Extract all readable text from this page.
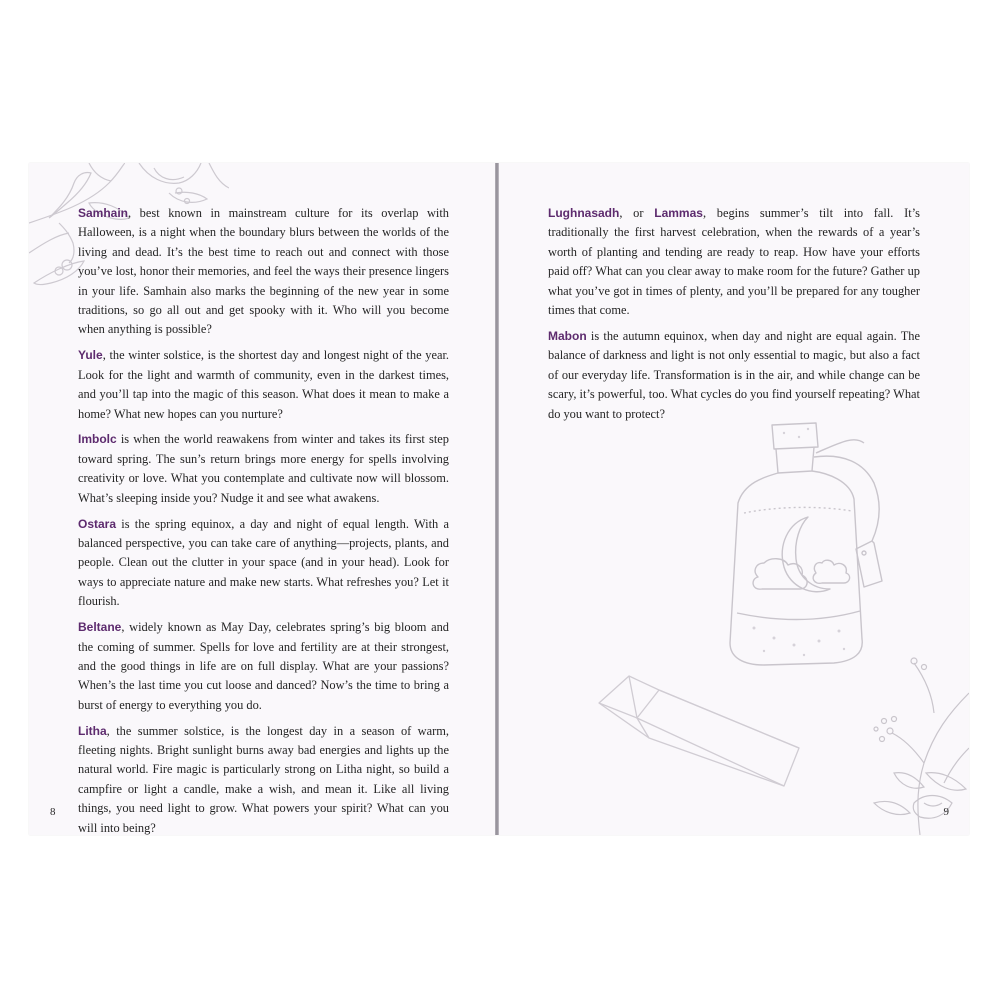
Samhain, best known in mainstream culture for its overlap with Halloween, is a night when the boundary blurs between the worlds of the living and dead. It’s the best time to reach out and connect with those you’ve lost, honor their memories, and feel the ways their presence lingers in your life. Samhain also marks the beginning of the new year in some traditions, so go all out and get spooky with it. Who will you become when anything is possible?

Yule, the winter solstice, is the shortest day and longest night of the year. Look for the light and warmth of community, even in the darkest times, and you’ll tap into the magic of this season. What does it mean to make a home? What new hopes can you nurture?

Imbolc is when the world reawakens from winter and takes its first step toward spring. The sun’s return brings more energy for spells involving creativity or love. What you contemplate and cultivate now will blossom. What’s sleeping inside you? Nudge it and see what awakens.

Ostara is the spring equinox, a day and night of equal length. With a balanced perspective, you can take care of anything—projects, plants, and people. Clean out the clutter in your space (and in your head). Look for ways to appreciate nature and make new starts. What refreshes you? Let it flourish.

Beltane, widely known as May Day, celebrates spring’s big bloom and the coming of summer. Spells for love and fertility are at their strongest, and the good things in life are on full display. What are your passions? When’s the last time you cut loose and danced? Now’s the time to bring a burst of energy to everything you do.

Litha, the summer solstice, is the longest day in a season of warm, fleeting nights. Bright sunlight burns away bad energies and lights up the natural world. Fire magic is particularly strong on Litha night, so build a campfire or light a candle, make a wish, and mean it. Like all living things, you need light to grow. What powers your spirit? What can you will into being?

8

Lughnasadh, or Lammas, begins summer’s tilt into fall. It’s traditionally the first harvest celebration, when the rewards of a year’s worth of planting and tending are ready to reap. How have your efforts paid off? What can you clear away to make room for the future? Gather up what you’ve got in times of plenty, and you’ll be prepared for any tougher times that come.

Mabon is the autumn equinox, when day and night are equal again. The balance of darkness and light is not only essential to magic, but also a fact of our everyday life. Transformation is in the air, and while change can be scary, it’s powerful, too. What cycles do you find yourself repeating? What do you want to protect?

9
